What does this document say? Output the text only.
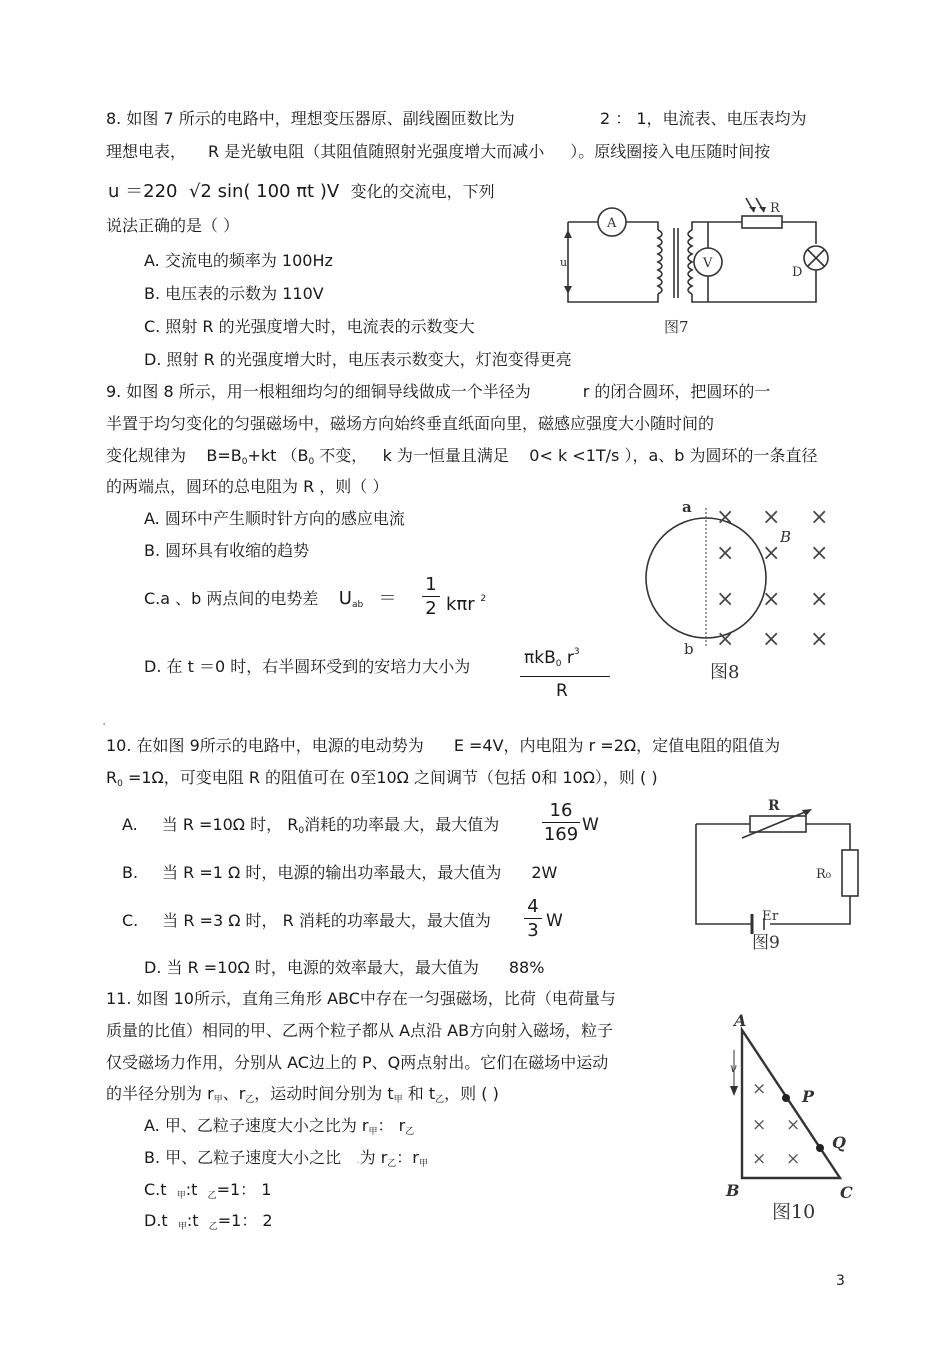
8. 如图 7 所示的电路中，理想变压器原、副线圈匝数比为	2 ： 1，电流表、电压表均为
理想电表， R 是光敏电阻（其阻值随照射光强度增大而减小 ）。原线圈接入电压随时间按
u ＝220 √2 sin( 100 πt )V 变化的交流电，下列
说法正确的是（ ）
A. 交流电的频率为 100Hz
B. 电压表的示数为 110V
C. 照射 R 的光强度增大时，电流表的示数变大
D. 照射 R 的光强度增大时，电压表示数变大，灯泡变得更亮
A
V
R
D
u
图7
9. 如图 8 所示，用一根粗细均匀的细铜导线做成一个半径为	r 的闭合圆环，把圆环的一
半置于均匀变化的匀强磁场中，磁场方向始终垂直纸面向里，磁感应强度大小随时间的
变化规律为 $B=B_0+kt$ （$B_0$ 不变， k 为一恒量且满足 0< k <1T/s ），a、b 为圆环的一条直径
的两端点，圆环的总电阻为 R ，则（ ）
A. 圆环中产生顺时针方向的感应电流
B. 圆环具有收缩的趋势
C.a 、b 两点间的电势差 $U_{ab} = \frac{1}{2}$ kπr $^2$
D. 在 t ＝0 时，右半圆环受到的安培力大小为	πkB$_0$ $r^3$
R
× × ×
× × ×
× × ×
× × ×
a
b
B
图8
.
10. 在如图 9所示的电路中，电源的电动势为 E =4V，内电阻为 r =2Ω，定值电阻的阻值为
$R_0 =1\Omega$，可变电阻 R 的阻值可在 0至10Ω 之间调节（包括 0和 10Ω），则 ( )
A. 当 R =10Ω 时， $R_0$消耗的功率最.大，最大值为 $\frac{16}{169}$ W
B. 当 R =1 Ω 时，电源的输出功率最大，最大值为 2W
C. 当 R =3 Ω 时， R 消耗的功率最大，最大值为 $\frac{4}{3}$ W
D. 当 R =10Ω 时，电源的效率最大，最大值为 88%
R
R₀
E r
图9
11. 如图 10所示，直角三角形 ABC中存在一匀强磁场，比荷（电荷量与
质量的比值）相同的甲、乙两个粒子都从 A点沿 AB方向射入磁场，粒子
仅受磁场力作用，分别从 AC边上的 P、Q两点射出。它们在磁场中运动
的半径分别为 $r_甲$、$r_乙$，运动时间分别为 $t_甲$ 和 $t_乙$，则 ( )
A. 甲、乙粒子速度大小之比为 $r_甲$： $r_乙$
B. 甲、乙粒子速度大小之比 .为 $r_乙$：$r_甲$
C.t $_甲$:t $_乙$=1： 1
D.t $_甲$:t $_乙$=1： 2
×
× ×
× ×
A
B	C
P
Q
v
图10
3
